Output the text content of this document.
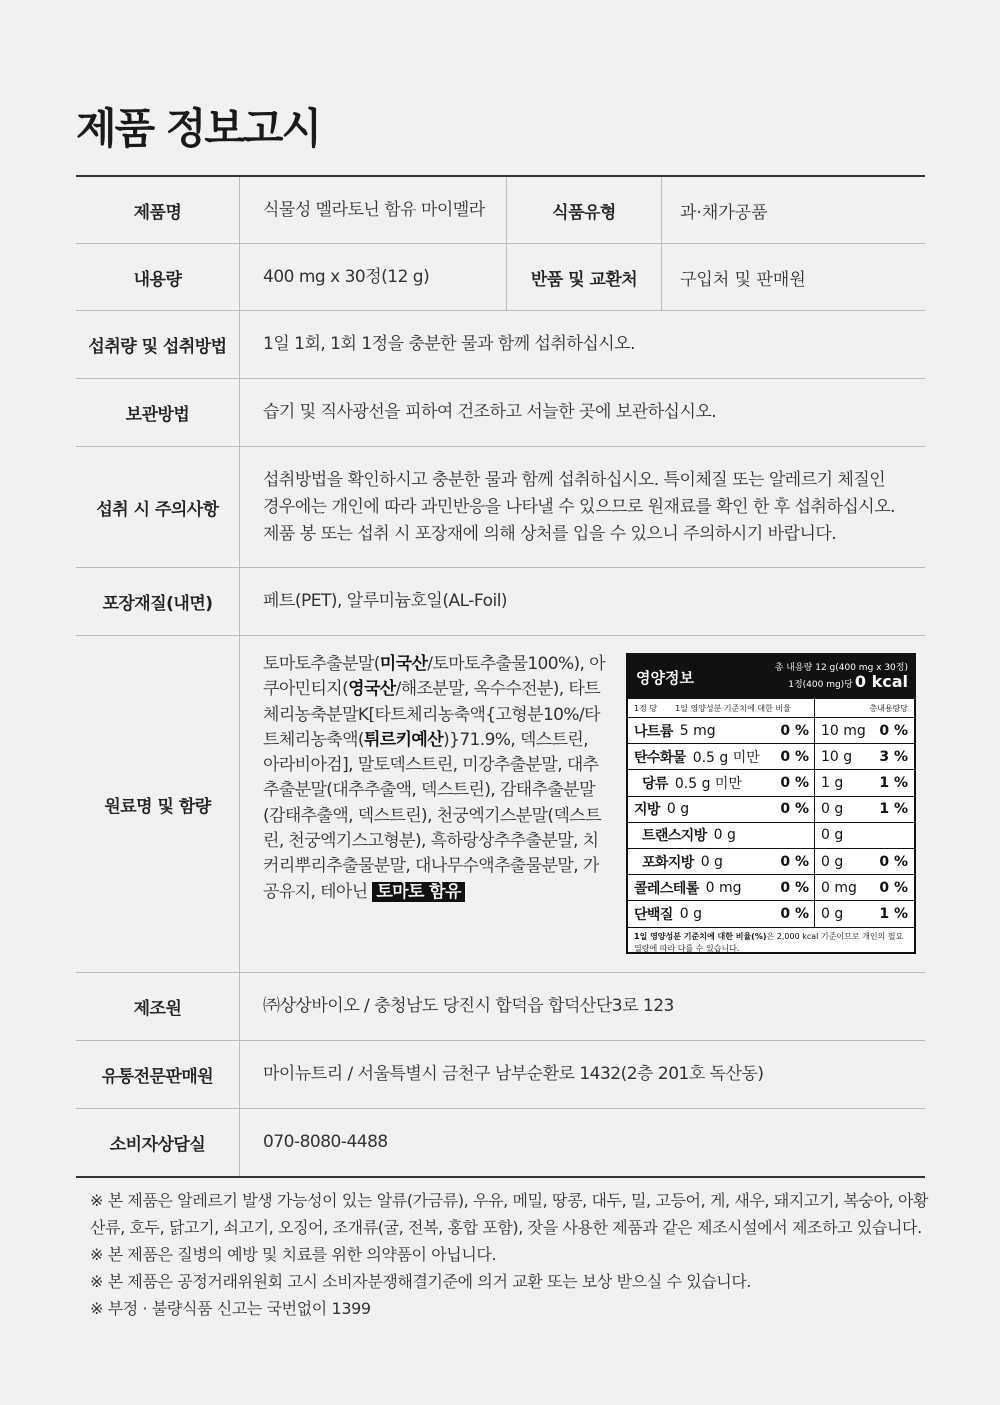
제품 정보고시
제품명	식물성 멜라토닌 함유 마이멜라	식품유형	과·채가공품
내용량	400 mg x 30정(12 g)	반품 및 교환처	구입처 및 판매원
섭취량 및 섭취방법	1일 1회, 1회 1정을 충분한 물과 함께 섭취하십시오.
보관방법	습기 및 직사광선을 피하여 건조하고 서늘한 곳에 보관하십시오.
섭취 시 주의사항
섭취방법을 확인하시고 충분한 물과 함께 섭취하십시오. 특이체질 또는 알레르기 체질인 경우에는 개인에 따라 과민반응을 나타낼 수 있으므로 원재료를 확인 한 후 섭취하십시오. 제품 봉 또는 섭취 시 포장재에 의해 상처를 입을 수 있으니 주의하시기 바랍니다.
포장재질(내면)	페트(PET), 알루미늄호일(AL-Foil)
원료명 및 함량
토마토추출분말(미국산/토마토추출물100%), 아쿠아민티지(영국산/해조분말, 옥수수전분), 타트체리농축분말K[타트체리농축액{고형분10%/타트체리농축액(튀르키예산)}71.9%, 덱스트린, 아라비아검], 말토덱스트린, 미강추출분말, 대추추출분말(대추추출액, 덱스트린), 감태추출분말(감태추출액, 덱스트린), 천궁엑기스분말(덱스트린, 천궁엑기스고형분), 흑하랑상추추출분말, 치커리뿌리추출물분말, 대나무수액추출물분말, 가공유지, 테아닌 토마토 함유
영양정보
총 내용량 12 g(400 mg x 30정)
1정(400 mg)당 0 kcal
1정 당 1일 영양성분 기준치에 대한 비율	총내용량당
나트륨 5 mg	0 % 10 mg 0 %
탄수화물 0.5 g 미만	0 % 10 g 3 %
당류 0.5 g 미만	0 % 1 g	1 %
지방 0 g	0 % 0 g	1 %
트랜스지방 0 g	0 g
포화지방 0 g	0 % 0 g	0 %
콜레스테롤 0 mg	0 % 0 mg 0 %
단백질 0 g	0 % 0 g	1 %
1일 영양성분 기준치에 대한 비율(%)은 2,000 kcal 기준이므로 개인의 필요 열량에 따라 다를 수 있습니다.
제조원	㈜상상바이오 / 충청남도 당진시 합덕읍 합덕산단3로 123
유통전문판매원	마이뉴트리 / 서울특별시 금천구 남부순환로 1432(2층 201호 독산동)
소비자상담실	070-8080-4488

※ 본 제품은 알레르기 발생 가능성이 있는 알류(가금류), 우유, 메밀, 땅콩, 대두, 밀, 고등어, 게, 새우, 돼지고기, 복숭아, 아황산류, 호두, 닭고기, 쇠고기, 오징어, 조개류(굴, 전복, 홍합 포함), 잣을 사용한 제품과 같은 제조시설에서 제조하고 있습니다.

※ 본 제품은 질병의 예방 및 치료를 위한 의약품이 아닙니다.

※ 본 제품은 공정거래위원회 고시 소비자분쟁해결기준에 의거 교환 또는 보상 받으실 수 있습니다.

※ 부정 · 불량식품 신고는 국번없이 1399
